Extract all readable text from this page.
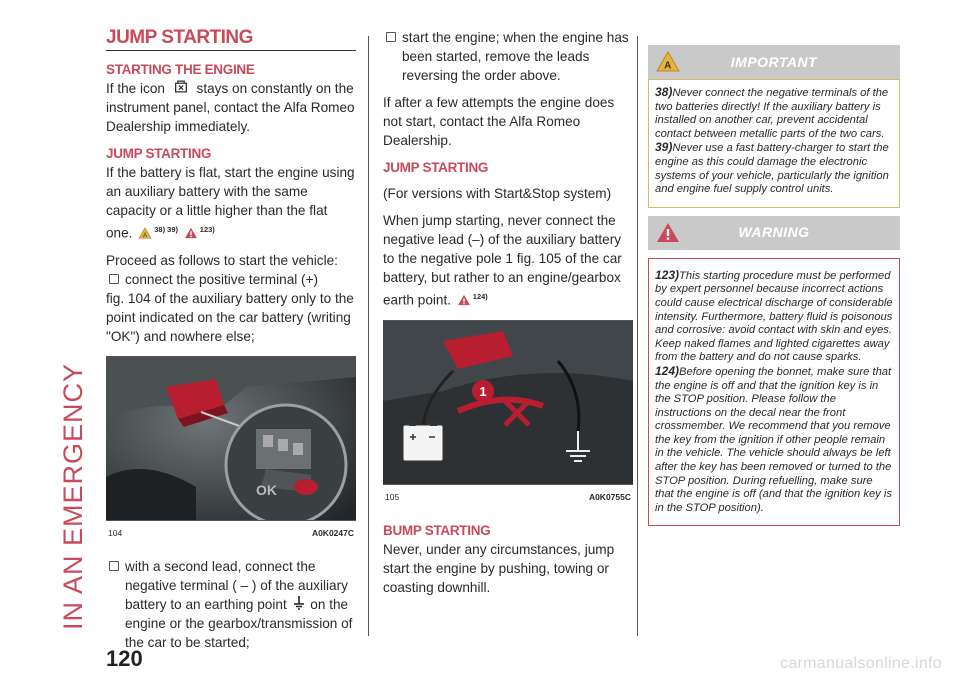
IN AN EMERGENCY
JUMP STARTING
STARTING THE ENGINE

If the icon stays on constantly on the instrument panel, contact the Alfa Romeo Dealership immediately.

JUMP STARTING

If the battery is flat, start the engine using an auxiliary battery with the same capacity or a little higher than the flat one. A
$^{38) 39)}$	$^{123)}$

Proceed as follows to start the vehicle:

connect the positive terminal (+)

fig. 104 of the auxiliary battery only to the point indicated on the car battery (writing "OK") and nowhere else;

OK
104	A0K0247C
with a second lead, connect the negative terminal ( – ) of the auxiliary battery to an earthing point on the engine or the gearbox/transmission of the car to be started;
start the engine; when the engine has been started, remove the leads reversing the order above.

If after a few attempts the engine does not start, contact the Alfa Romeo Dealership.

JUMP STARTING

(For versions with Start&Stop system)

When jump starting, never connect the negative lead (–) of the auxiliary battery to the negative pole 1 fig. 105 of the car battery, but rather to an engine/gearbox earth point.	$^{124)}$

1
105	A0K0755C
BUMP STARTING

Never, under any circumstances, jump start the engine by pushing, towing or coasting downhill.

A	IMPORTANT
38)Never connect the negative terminals of the two batteries directly! If the auxiliary battery is installed on another car, prevent accidental contact between metallic parts of the two cars.
39)Never use a fast battery-charger to start the engine as this could damage the electronic systems of your vehicle, particularly the ignition and engine fuel supply control units.
WARNING
123)This starting procedure must be performed by expert personnel because incorrect actions could cause electrical discharge of considerable intensity. Furthermore, battery fluid is poisonous and corrosive: avoid contact with skin and eyes. Keep naked flames and lighted cigarettes away from the battery and do not cause sparks.
124)Before opening the bonnet, make sure that the engine is off and that the ignition key is in the STOP position. Please follow the instructions on the decal near the front crossmember. We recommend that you remove the key from the ignition if other people remain in the vehicle. The vehicle should always be left after the key has been removed or turned to the STOP position. During refuelling, make sure that the engine is off (and that the ignition key is in the STOP position).
120	carmanualsonline.info
